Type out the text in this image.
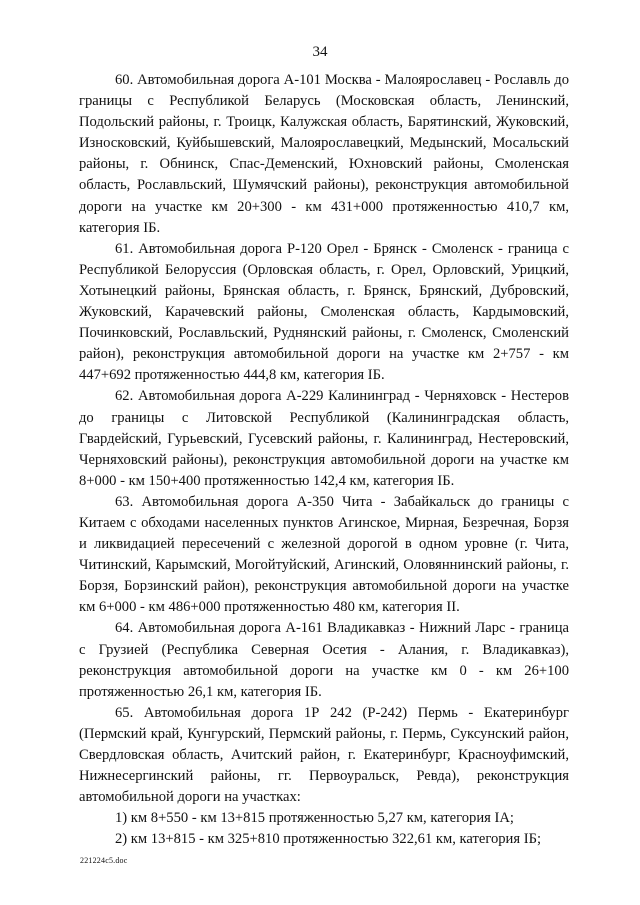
34

60. Автомобильная дорога А-101 Москва - Малоярославец - Рославль до границы с Республикой Беларусь (Московская область, Ленинский, Подольский районы, г. Троицк, Калужская область, Барятинский, Жуковский, Износковский, Куйбышевский, Малоярославецкий, Медынский, Мосальский районы, г. Обнинск, Спас-Деменский, Юхновский районы, Смоленская область, Рославльский, Шумячский районы), реконструкция автомобильной дороги на участке км 20+300 - км 431+000 протяженностью 410,7 км, категория IБ.

61. Автомобильная дорога Р-120 Орел - Брянск - Смоленск - граница с Республикой Белоруссия (Орловская область, г. Орел, Орловский, Урицкий, Хотынецкий районы, Брянская область, г. Брянск, Брянский, Дубровский, Жуковский, Карачевский районы, Смоленская область, Кардымовский, Починковский, Рославльский, Руднянский районы, г. Смоленск, Смоленский район), реконструкция автомобильной дороги на участке км 2+757 - км 447+692 протяженностью 444,8 км, категория IБ.

62. Автомобильная дорога А-229 Калининград - Черняховск - Нестеров до границы с Литовской Республикой (Калининградская область, Гвардейский, Гурьевский, Гусевский районы, г. Калининград, Нестеровский, Черняховский районы), реконструкция автомобильной дороги на участке км 8+000 - км 150+400 протяженностью 142,4 км, категория IБ.

63. Автомобильная дорога А-350 Чита - Забайкальск до границы с Китаем с обходами населенных пунктов Агинское, Мирная, Безречная, Борзя и ликвидацией пересечений с железной дорогой в одном уровне (г. Чита, Читинский, Карымский, Могойтуйский, Агинский, Оловяннинский районы, г. Борзя, Борзинский район), реконструкция автомобильной дороги на участке км 6+000 - км 486+000 протяженностью 480 км, категория II.

64. Автомобильная дорога А-161 Владикавказ - Нижний Ларс - граница с Грузией (Республика Северная Осетия - Алания, г. Владикавказ), реконструкция автомобильной дороги на участке км 0 - км 26+100 протяженностью 26,1 км, категория IБ.

65. Автомобильная дорога 1Р 242 (Р-242) Пермь - Екатеринбург (Пермский край, Кунгурский, Пермский районы, г. Пермь, Суксунский район, Свердловская область, Ачитский район, г. Екатеринбург, Красноуфимский, Нижнесергинский районы, гг. Первоуральск, Ревда), реконструкция автомобильной дороги на участках:

1) км 8+550 - км 13+815 протяженностью 5,27 км, категория IА;

2) км 13+815 - км 325+810 протяженностью 322,61 км, категория IБ;

221224c5.doc
